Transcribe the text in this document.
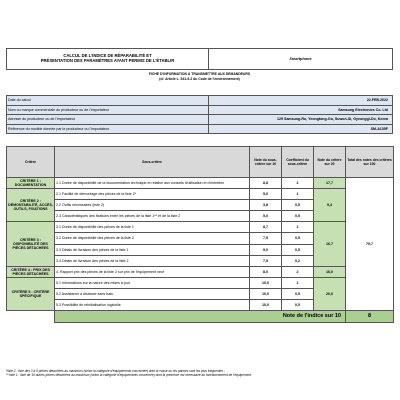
CALCUL DE L'INDICE DE RÉPARABILITÉ ET
PRÉSENTATION DES PARAMÈTRES AYANT PERMIS DE L'ÉTABLIR	Smartphone
FICHE D'INFORMATION À TRANSMETTRE AUX DEMANDEURS
(cf. Article L. 541-9-2 du Code de l'environnement)
Date du calcul	22.FEB.2022
Nom ou marque commerciale du producteur ou de l'importateur	Samsung Electronics Co. Ltd
Adresse du producteur ou de l'importateur	129 Samsung-Ro, Yeongtong-Gu, Suwon-Si, Gyeonggi-Do, Korea
Référence du modèle donnée par le producteur ou l'importateur	SM-A135F
Critère	Sous-critère	Note du sous-critère sur 10	Coefficient du sous-critère	Note du critère sur 20	Total des notes des critères sur 100
CRITÈRE 1 : DOCUMENTATION	1.1 Durée de disponibilité de la documentation technique et relative aux conseils d'utilisation et d'entretien	8,8	2	17,7	79,7
CRITÈRE 2 : DÉMONTABILITÉ, ACCÈS, OUTILS, FIXATIONS	2.1 Facilité de démontage des pièces de la liste 2*	5,0	1	9,4	
	2.2 Outils nécessaires (liste 2)	3,8	0,5		
	2.3 Caractéristiques des fixations entre les pièces de la liste 1** et de la liste 2	5,0	0,5		
CRITÈRE 3 : DISPONIBILITÉ DES PIÈCES DÉTACHÉES	3.1 Durée de disponibilité des pièces de la liste 1	8,7	1	16,7	
	3.2 Durée de disponibilité des pièces de la liste 2	7,5	0,5		
	3.3 Délais de livraison des pièces de la liste 1	9,0	0,5		
	3.4 Délais de livraison des pièces de la liste 2	7,5	0,2		
CRITÈRE 4 : PRIX DES PIÈCES DÉTACHÉES	4. Rapport prix des pièces de la liste 2 sur prix de l'équipement neuf	8,0	2	16,0	
CRITÈRE 5 : CRITÈRE SPÉCIFIQUE	5.1 Informations sur la nature des mises à jour	10,0	1	20,0	
	5.2 Assistance à distance sans frais	10,0	0,5		
	5.3 Possibilité de réinitialisation logicielle	10,0	0,5		
	Note de l'indice sur 10				8
*liste 2 : liste des 3 à 5 pièces détachées au maximum (selon la catégorie d'équipements concernée) dont la casse ou les pannes sont les plus fréquentes ;
** liste 1 : liste de 10 autres pièces détachées au maximum (selon la catégorie d'équipements concernée) dont la présence est nécessaire au fonctionnement de l'équipement.
